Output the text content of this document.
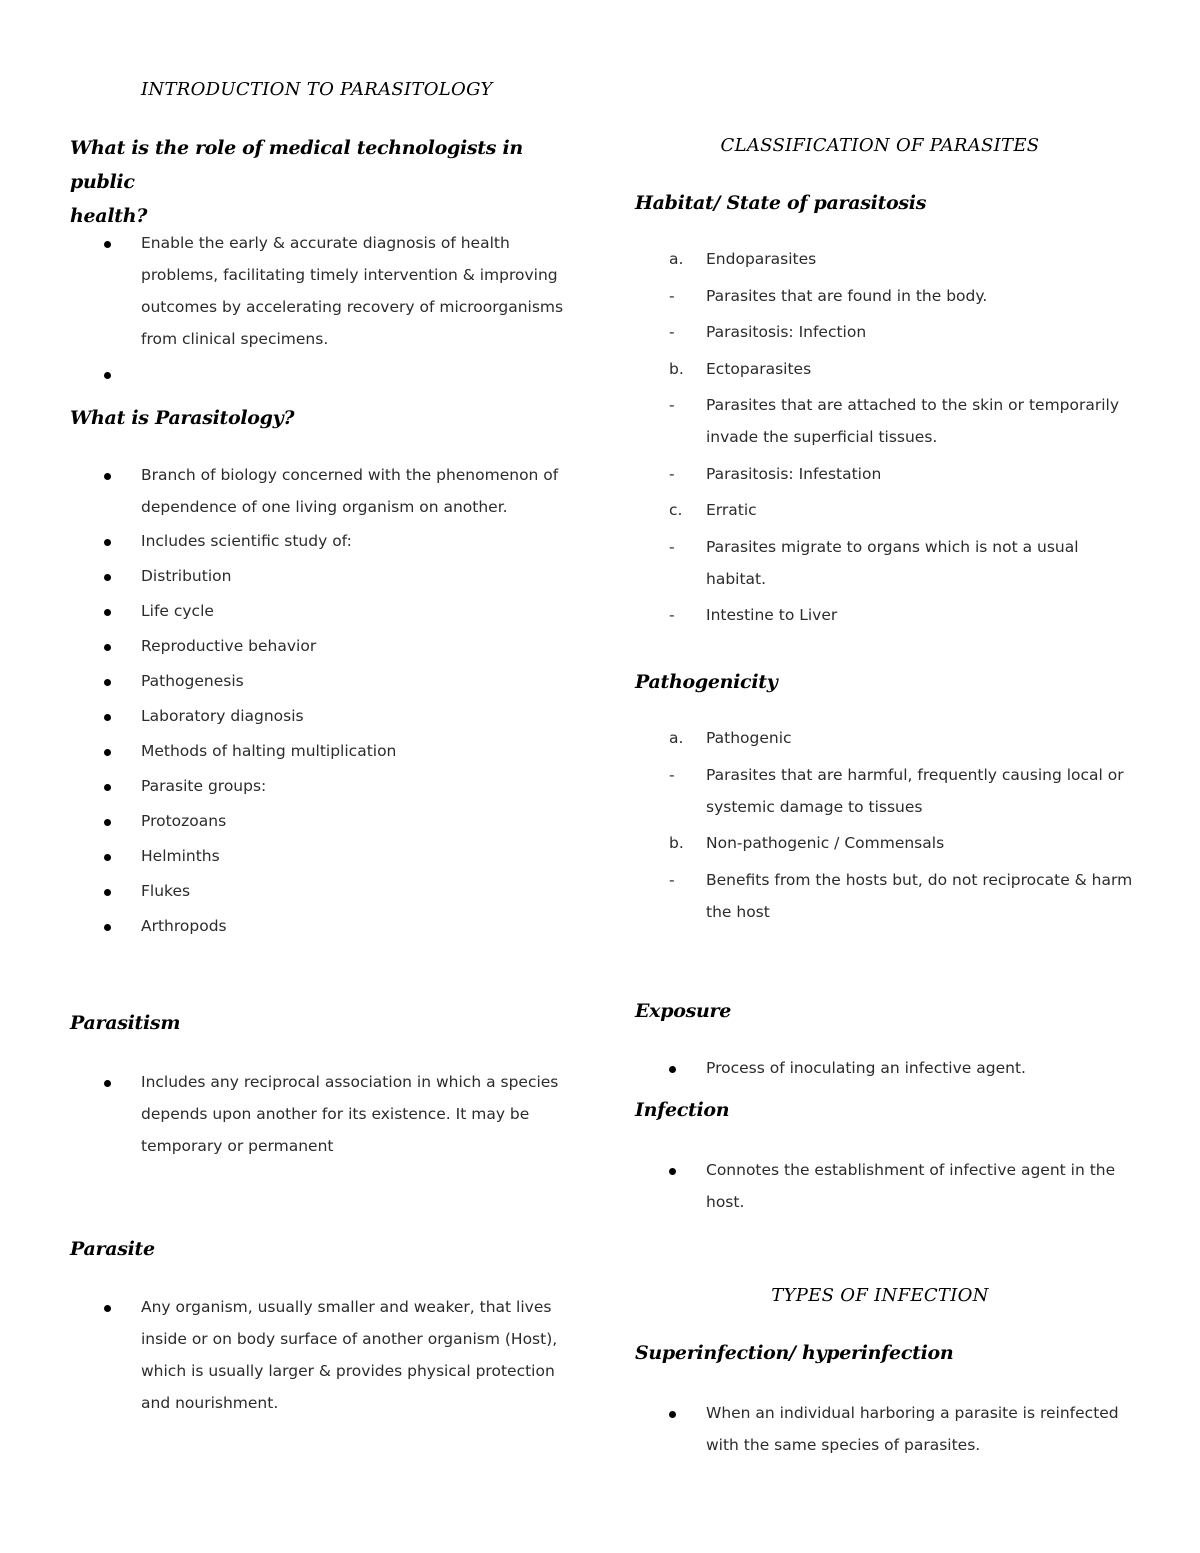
INTRODUCTION TO PARASITOLOGY
What is the role of medical technologists in public
health?
Enable the early & accurate diagnosis of health
problems, facilitating timely intervention & improving
outcomes by accelerating recovery of microorganisms
from clinical specimens.
What is Parasitology?
Branch of biology concerned with the phenomenon of
dependence of one living organism on another.
Includes scientific study of:
Distribution
Life cycle
Reproductive behavior
Pathogenesis
Laboratory diagnosis
Methods of halting multiplication
Parasite groups:
Protozoans
Helminths
Flukes
Arthropods
Parasitism
Includes any reciprocal association in which a species
depends upon another for its existence. It may be
temporary or permanent
Parasite
Any organism, usually smaller and weaker, that lives
inside or on body surface of another organism (Host),
which is usually larger & provides physical protection
and nourishment.
CLASSIFICATION OF PARASITES
Habitat/ State of parasitosis
a.	Endoparasites
-	Parasites that are found in the body.
-	Parasitosis: Infection
b.	Ectoparasites
-	Parasites that are attached to the skin or temporarily
invade the superficial tissues.
-	Parasitosis: Infestation
c.	Erratic
-	Parasites migrate to organs which is not a usual
habitat.
-	Intestine to Liver
Pathogenicity
a.	Pathogenic
-	Parasites that are harmful, frequently causing local or
systemic damage to tissues
b.	Non-pathogenic / Commensals
-	Benefits from the hosts but, do not reciprocate & harm
the host
Exposure
Process of inoculating an infective agent.
Infection
Connotes the establishment of infective agent in the
host.
TYPES OF INFECTION
Superinfection/ hyperinfection
When an individual harboring a parasite is reinfected
with the same species of parasites.
